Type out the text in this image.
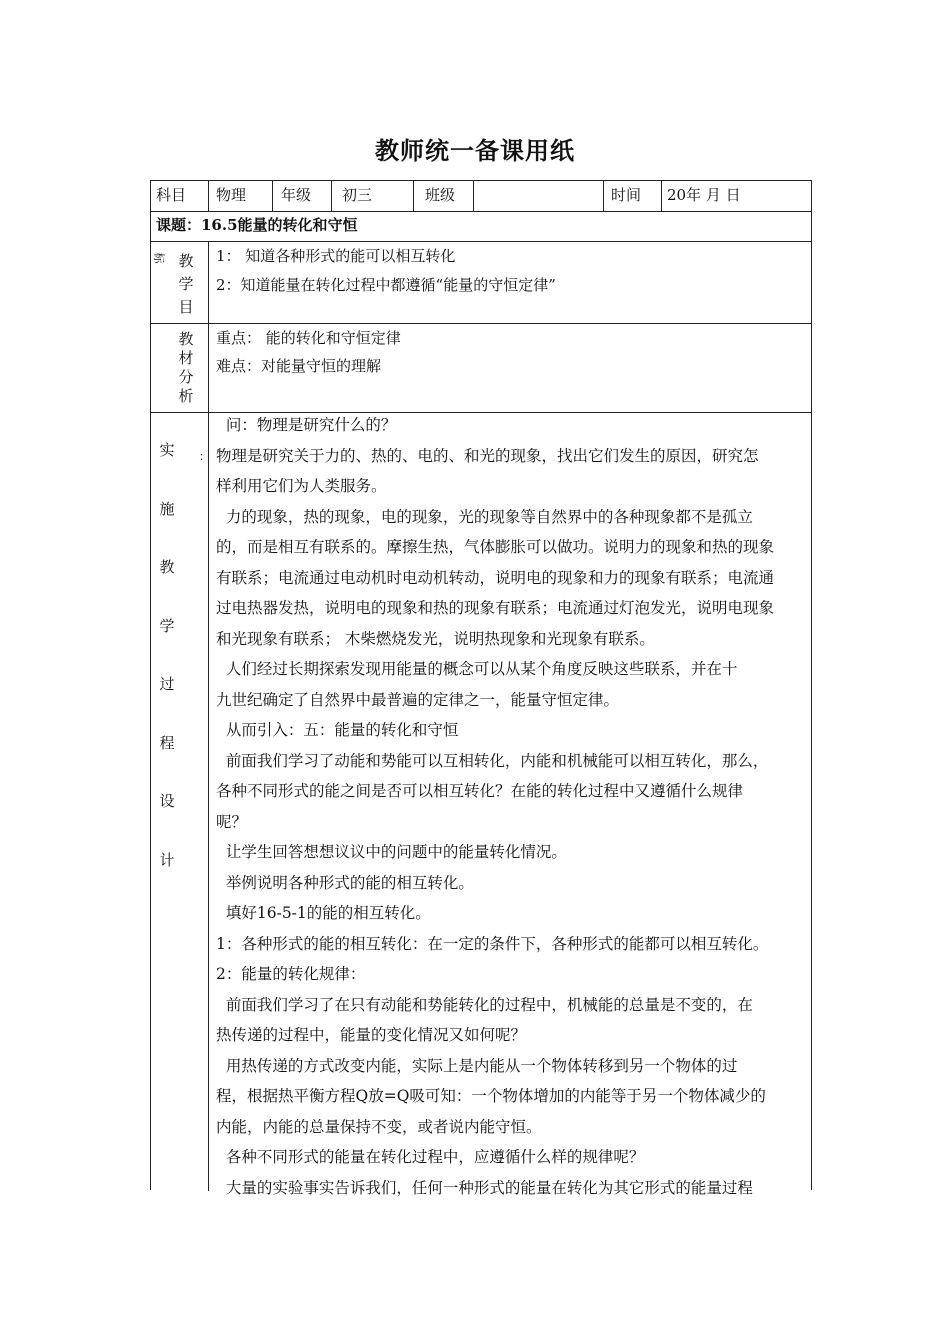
教师统一备课用纸
科目 物理 年级 初三	班级	时间 20年 月 日
课题：16.5能量的转化和守恒
标 教
学
目
1： 知道各种形式的能可以相互转化
2：知道能量在转化过程中都遵循“能量的守恒定律”
教
材
分
析
重点： 能的转化和守恒定律
难点：对能量守恒的理解
实 ：
施
教
学
过
程
设
计
问：物理是研究什么的？
物理是研究关于力的、热的、电的、和光的现象，找出它们发生的原因，研究怎
样利用它们为人类服务。
力的现象，热的现象，电的现象，光的现象等自然界中的各种现象都不是孤立
的，而是相互有联系的。摩擦生热，气体膨胀可以做功。说明力的现象和热的现象
有联系；电流通过电动机时电动机转动，说明电的现象和力的现象有联系；电流通
过电热器发热，说明电的现象和热的现象有联系；电流通过灯泡发光，说明电现象
和光现象有联系； 木柴燃烧发光，说明热现象和光现象有联系。
人们经过长期探索发现用能量的概念可以从某个角度反映这些联系，并在十
九世纪确定了自然界中最普遍的定律之一，能量守恒定律。
从而引入：五：能量的转化和守恒
前面我们学习了动能和势能可以互相转化，内能和机械能可以相互转化，那么，
各种不同形式的能之间是否可以相互转化？在能的转化过程中又遵循什么规律
呢？
让学生回答想想议议中的问题中的能量转化情况。
举例说明各种形式的能的相互转化。
填好16-5-1的能的相互转化。
1：各种形式的能的相互转化：在一定的条件下，各种形式的能都可以相互转化。
2：能量的转化规律：
前面我们学习了在只有动能和势能转化的过程中，机械能的总量是不变的，在
热传递的过程中，能量的变化情况又如何呢？
用热传递的方式改变内能，实际上是内能从一个物体转移到另一个物体的过
程，根据热平衡方程Q放=Q吸可知：一个物体增加的内能等于另一个物体减少的
内能，内能的总量保持不变，或者说内能守恒。
各种不同形式的能量在转化过程中，应遵循什么样的规律呢？
大量的实验事实告诉我们，任何一种形式的能量在转化为其它形式的能量过程
